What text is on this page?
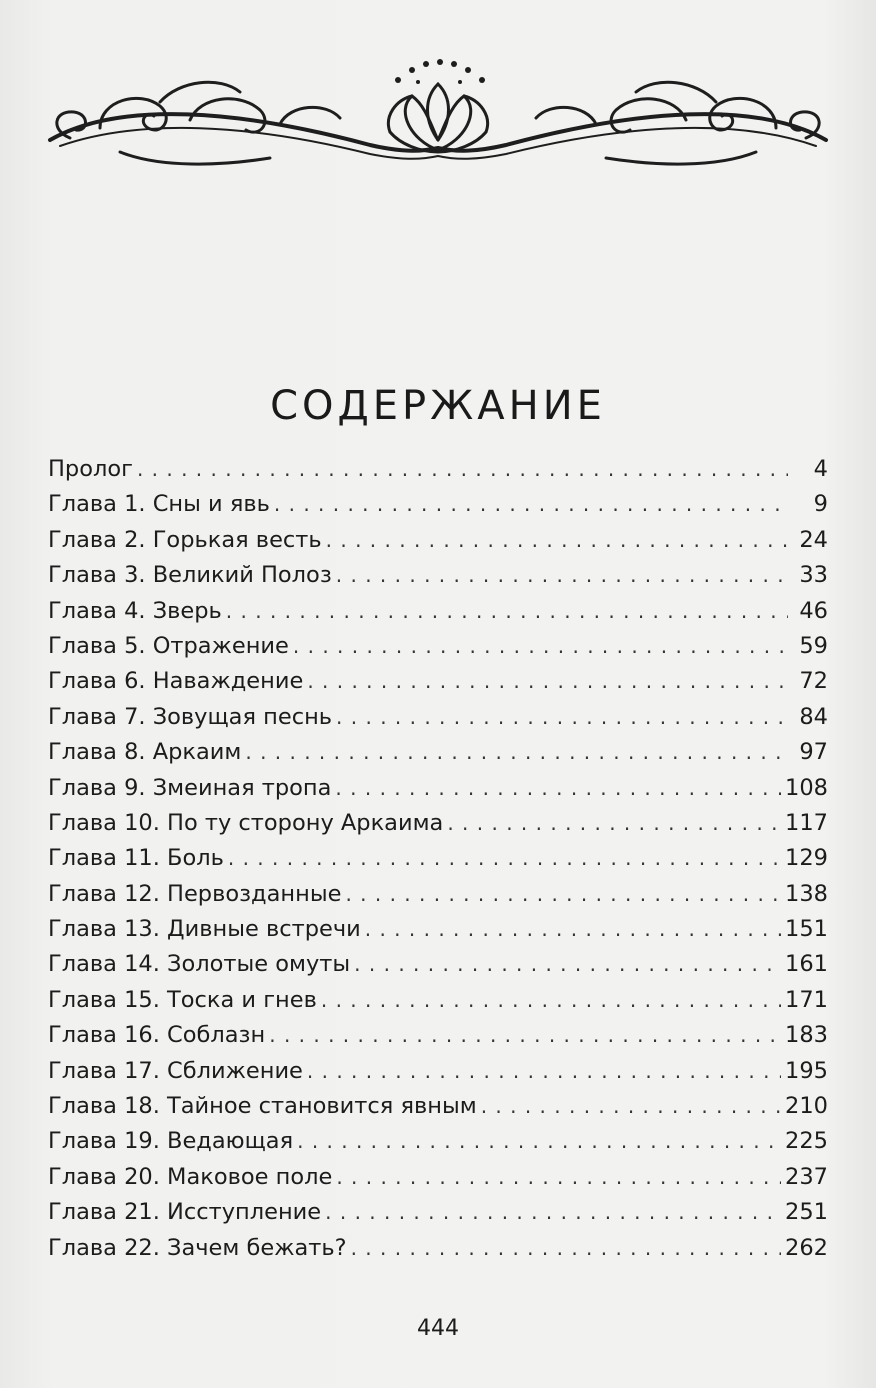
СОДЕРЖАНИЕ
Пролог . . .	4
Глава 1. Сны и явь . . .	9
Глава 2. Горькая весть . . .	24
Глава 3. Великий Полоз . . .	33
Глава 4. Зверь . . .	46
Глава 5. Отражение . . .	59
Глава 6. Наваждение . . .	72
Глава 7. Зовущая песнь . . .	84
Глава 8. Аркаим . . .	97
Глава 9. Змеиная тропа . . .	108
Глава 10. По ту сторону Аркаима . . .	117
Глава 11. Боль . . .	129
Глава 12. Первозданные . . .	138
Глава 13. Дивные встречи . . .	151
Глава 14. Золотые омуты . . .	161
Глава 15. Тоска и гнев . . .	171
Глава 16. Соблазн . . .	183
Глава 17. Сближение . . .	195
Глава 18. Тайное становится явным . . .	210
Глава 19. Ведающая . . .	225
Глава 20. Маковое поле . . .	237
Глава 21. Исступление . . .	251
Глава 22. Зачем бежать? . . .	262
444
